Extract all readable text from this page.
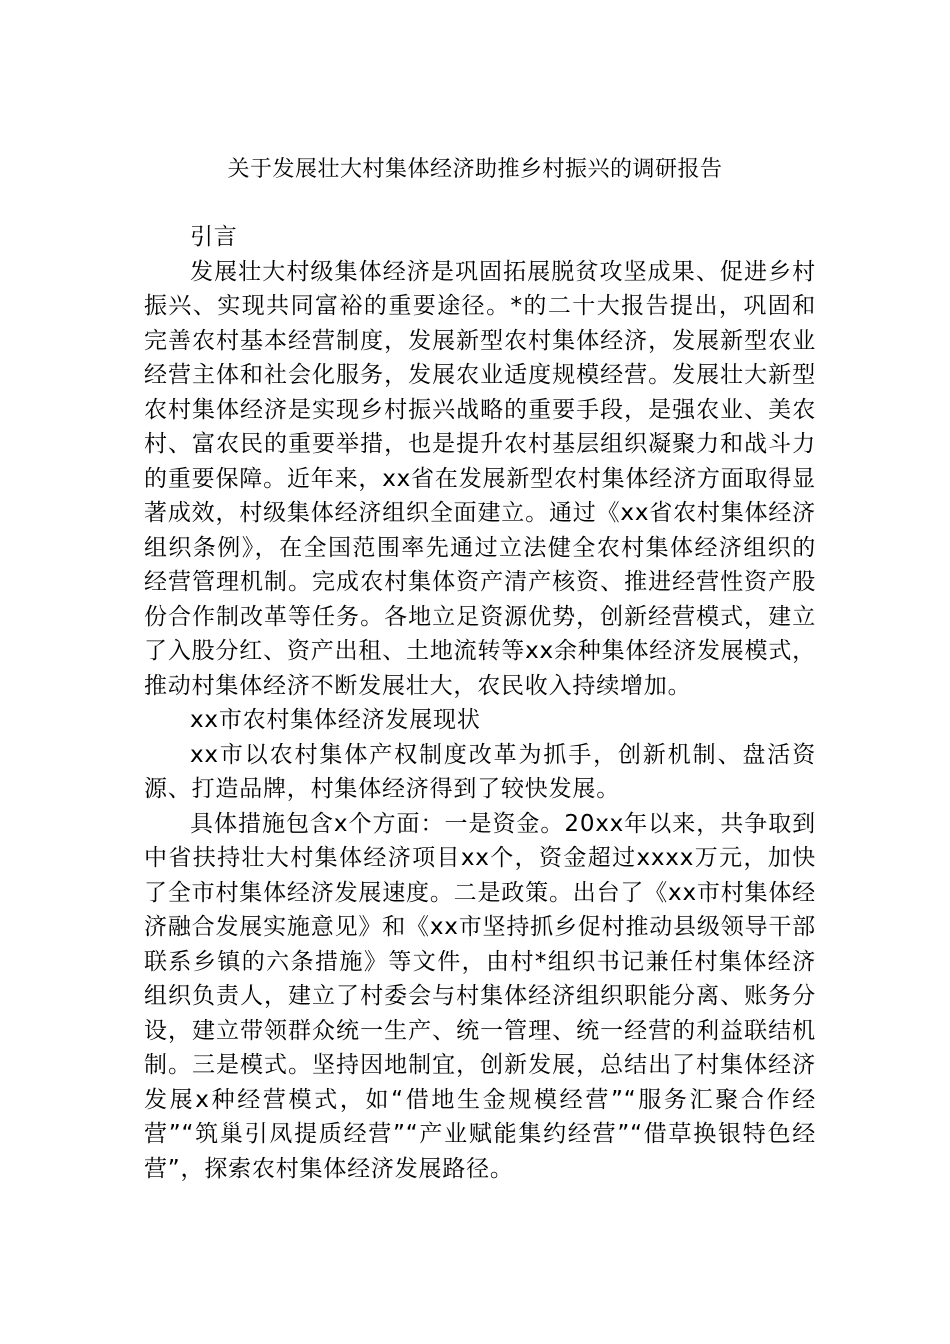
关于发展壮大村集体经济助推乡村振兴的调研报告

引言

发展壮大村级集体经济是巩固拓展脱贫攻坚成果、促进乡村振兴、实现共同富裕的重要途径。*的二十大报告提出，巩固和完善农村基本经营制度，发展新型农村集体经济，发展新型农业经营主体和社会化服务，发展农业适度规模经营。发展壮大新型农村集体经济是实现乡村振兴战略的重要手段，是强农业、美农村、富农民的重要举措，也是提升农村基层组织凝聚力和战斗力的重要保障。近年来，xx省在发展新型农村集体经济方面取得显著成效，村级集体经济组织全面建立。通过《xx省农村集体经济组织条例》，在全国范围率先通过立法健全农村集体经济组织的经营管理机制。完成农村集体资产清产核资、推进经营性资产股份合作制改革等任务。各地立足资源优势，创新经营模式，建立了入股分红、资产出租、土地流转等xx余种集体经济发展模式，推动村集体经济不断发展壮大，农民收入持续增加。

xx市农村集体经济发展现状

xx市以农村集体产权制度改革为抓手，创新机制、盘活资源、打造品牌，村集体经济得到了较快发展。

具体措施包含x个方面：一是资金。20xx年以来，共争取到中省扶持壮大村集体经济项目xx个，资金超过xxxx万元，加快了全市村集体经济发展速度。二是政策。出台了《xx市村集体经济融合发展实施意见》和《xx市坚持抓乡促村推动县级领导干部联系乡镇的六条措施》等文件，由村*组织书记兼任村集体经济组织负责人，建立了村委会与村集体经济组织职能分离、账务分设，建立带领群众统一生产、统一管理、统一经营的利益联结机制。三是模式。坚持因地制宜，创新发展，总结出了村集体经济发展x种经营模式，如“借地生金规模经营”“服务汇聚合作经营”“筑巢引凤提质经营”“产业赋能集约经营”“借草换银特色经营”，探索农村集体经济发展路径。
